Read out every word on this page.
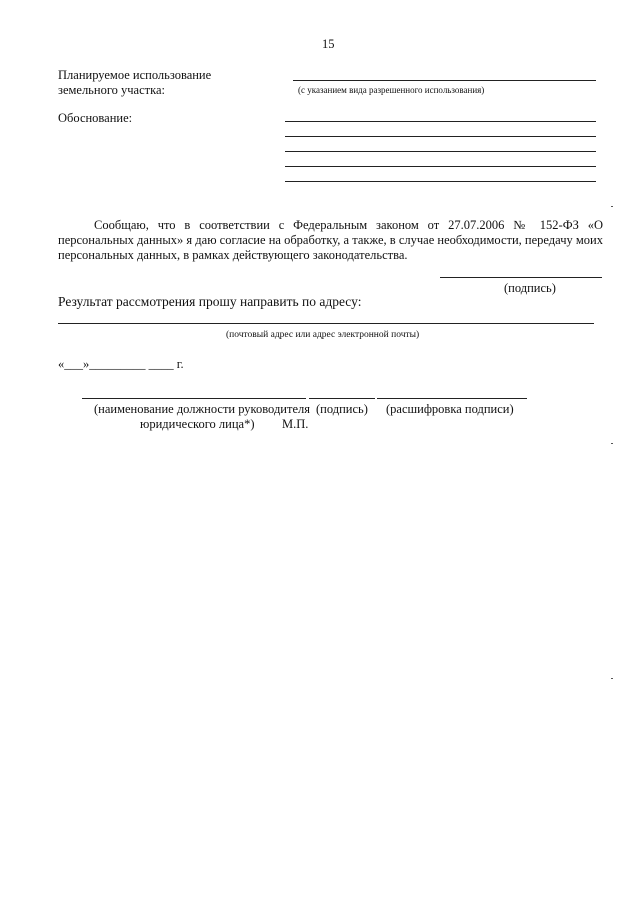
15
Планируемое использование
земельного участка:	(с указанием вида разрешенного использования)
Обоснование:
Сообщаю, что в соответствии с Федеральным законом от 27.07.2006 № 152-ФЗ «О персональных данных» я даю согласие на обработку, а также, в случае необходимости, передачу моих персональных данных, в рамках действующего законодательства.
(подпись)
Результат рассмотрения прошу направить по адресу:
(почтовый адрес или адрес электронной почты)
«___»_________ ____ г.
(наименование должности руководителя
юридического лица*)
(подпись)
М.П.
(расшифровка подписи)
